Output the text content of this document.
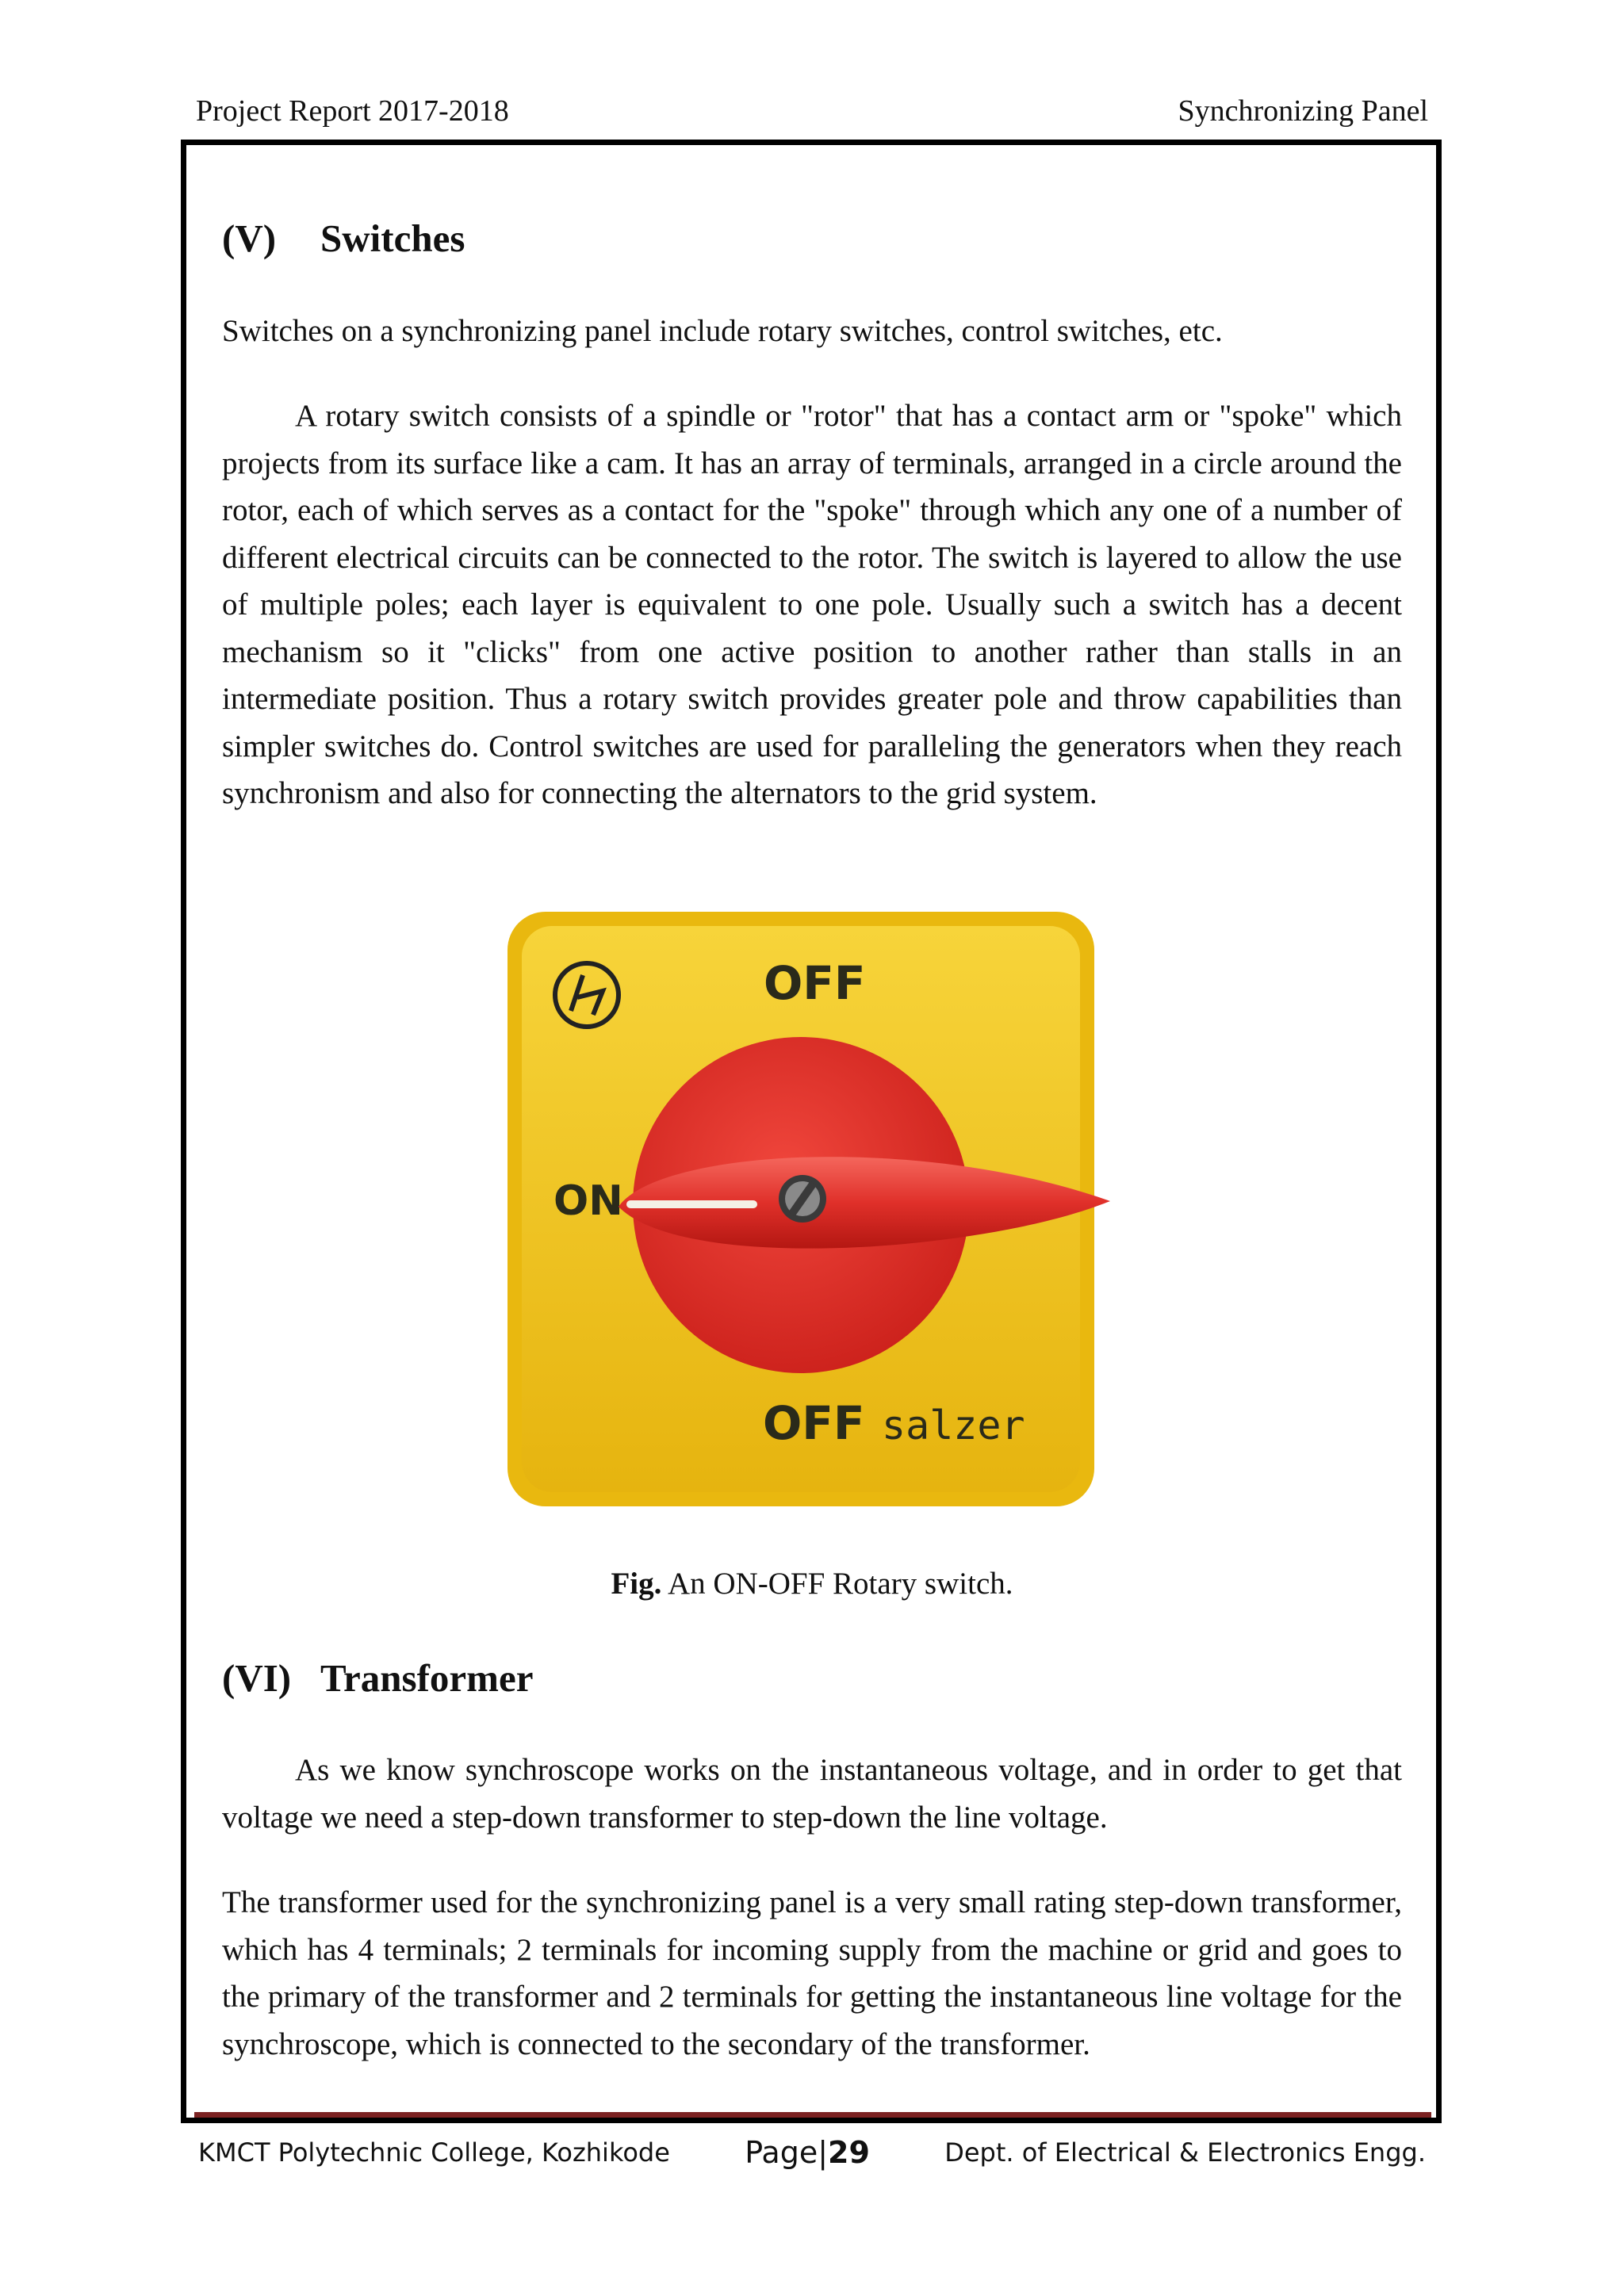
Project Report 2017-2018	Synchronizing Panel
(V) Switches

Switches on a synchronizing panel include rotary switches, control switches, etc.

A rotary switch consists of a spindle or "rotor" that has a contact arm or "spoke" which projects from its surface like a cam. It has an array of terminals, arranged in a circle around the rotor, each of which serves as a contact for the "spoke" through which any one of a number of different electrical circuits can be connected to the rotor. The switch is layered to allow the use of multiple poles; each layer is equivalent to one pole. Usually such a switch has a decent mechanism so it "clicks" from one active position to another rather than stalls in an intermediate position. Thus a rotary switch provides greater pole and throw capabilities than simpler switches do. Control switches are used for paralleling the generators when they reach synchronism and also for connecting the alternators to the grid system.

OFF
ON
OFF salzer
Fig. An ON-OFF Rotary switch.
(VI) Transformer

As we know synchroscope works on the instantaneous voltage, and in order to get that voltage we need a step-down transformer to step-down the line voltage.

The transformer used for the synchronizing panel is a very small rating step-down transformer, which has 4 terminals; 2 terminals for incoming supply from the machine or grid and goes to the primary of the transformer and 2 terminals for getting the instantaneous line voltage for the synchroscope, which is connected to the secondary of the transformer.

KMCT Polytechnic College, Kozhikode Page|29	Dept. of Electrical & Electronics Engg.
